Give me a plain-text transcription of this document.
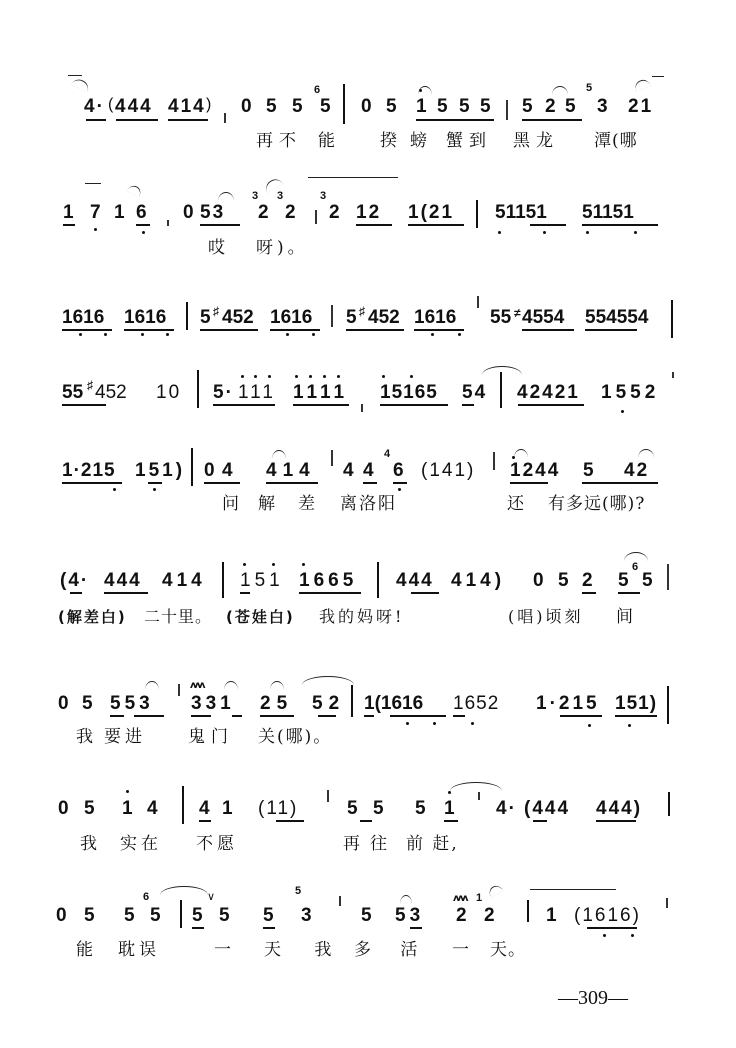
4· ( 444 414 ) 0 5 5
6
5 0 5 1 5 5 5 5 2 5
5
3 21
再不 能 揆 螃 蟹到 黑龙 潭(哪
1 7 1 6 0 53
3
2
3
2
3
2 12 1(21 51151 51151
哎 呀)。
1616 1616 5 ♯ 452 1616 5 ♯ 452 1616 55 ≠ 4554 554554
55 ♯ 452 10 5· 111 1111 15165 54 42421 1552
1·215 151) 0 4 414 4 4
4
6 (141) 1244 5 42
问 解 差 离洛阳	还 有多远(哪)?
(4· 444 414 151 1665 444 414) 0 5 2
6
5 5
(解差白) 二十里。 (苍娃白) 我的妈呀!	(唱)顷刻 间
0 5 553
ʌʌʌ
331 25 52 1(1616 1652 1·215 151)
我 要进 鬼门 关(哪)。
0 5 1 4 4 1 (11)	5 5 5 1 4· (444 444)
我 实在 不愿	再 往 前 赶,
0 5 5
6
5
∨
5 5 5
5
3 5 53
ʌʌʌ
2
1
2	1 (1616)
能 耽误	一 天 我 多 活 一 天。
—309—
